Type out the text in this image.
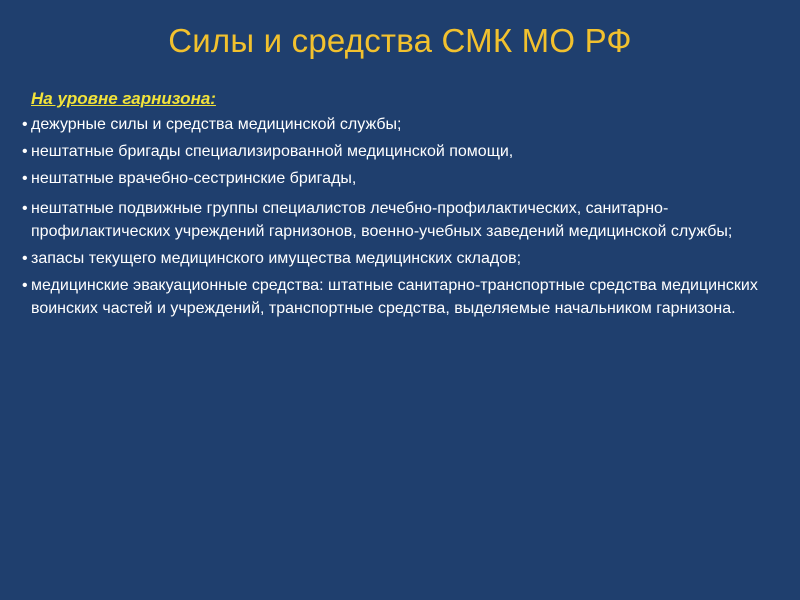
Силы и средства СМК МО РФ
На уровне гарнизона:
• дежурные силы и средства медицинской службы;
• нештатные бригады специализированной медицинской помощи,
• нештатные врачебно-сестринские бригады,
• нештатные подвижные группы специалистов лечебно-профилактических, санитарно-профилактических учреждений гарнизонов, военно-учебных заведений медицинской службы;
• запасы текущего медицинского имущества медицинских складов;
• медицинские эвакуационные средства: штатные санитарно-транспортные средства медицинских воинских частей и учреждений, транспортные средства, выделяемые начальником гарнизона.
